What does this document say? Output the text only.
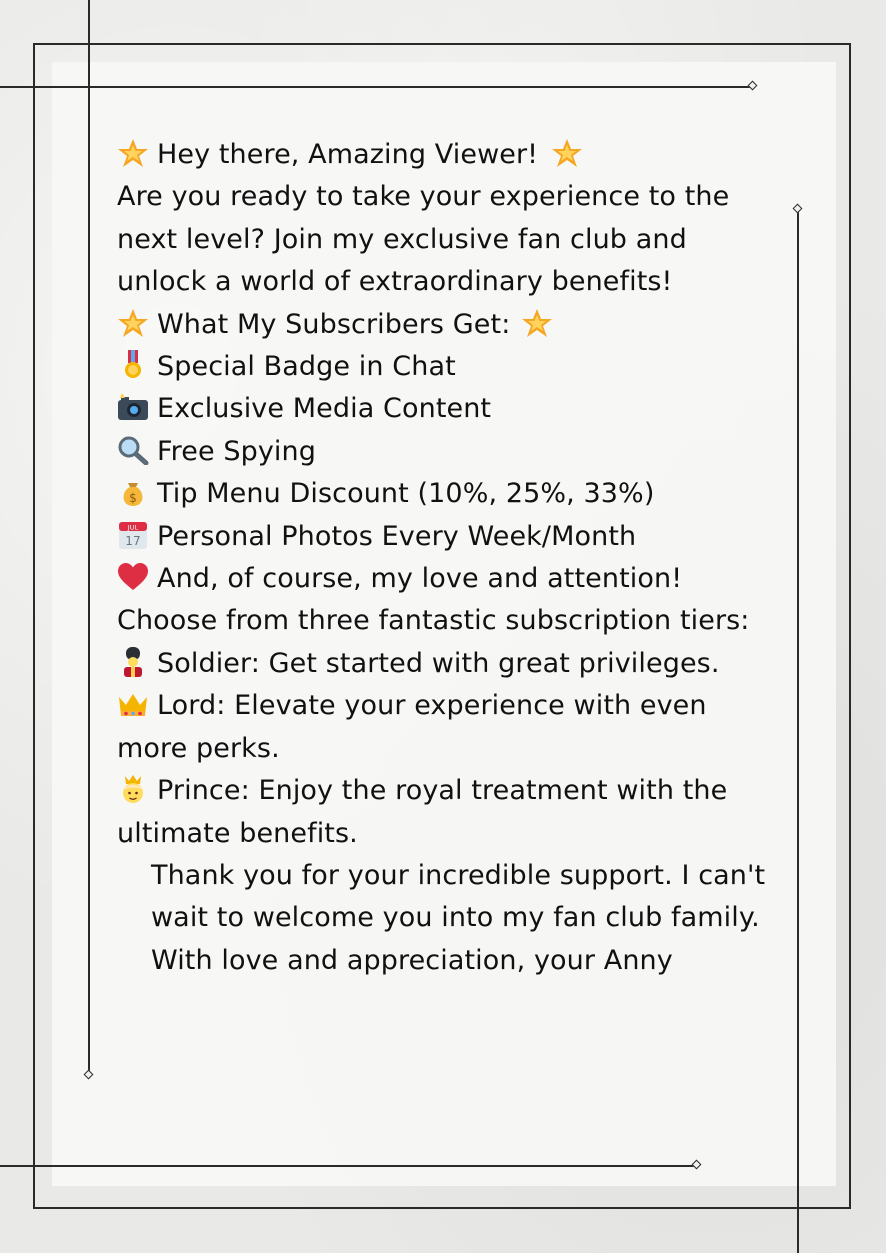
Hey there, Amazing Viewer!

Are you ready to take your experience to the next level? Join my exclusive fan club and unlock a world of extraordinary benefits!

What My Subscribers Get:

Special Badge in Chat

Exclusive Media Content

Free Spying

$ Tip Menu Discount (10%, 25%, 33%)

JUL
17 Personal Photos Every Week/Month

And, of course, my love and attention!

Choose from three fantastic subscription tiers:

Soldier: Get started with great privileges.

Lord: Elevate your experience with even more perks.

Prince: Enjoy the royal treatment with the ultimate benefits.

Thank you for your incredible support. I can't wait to welcome you into my fan club family.

With love and appreciation, your Anny
